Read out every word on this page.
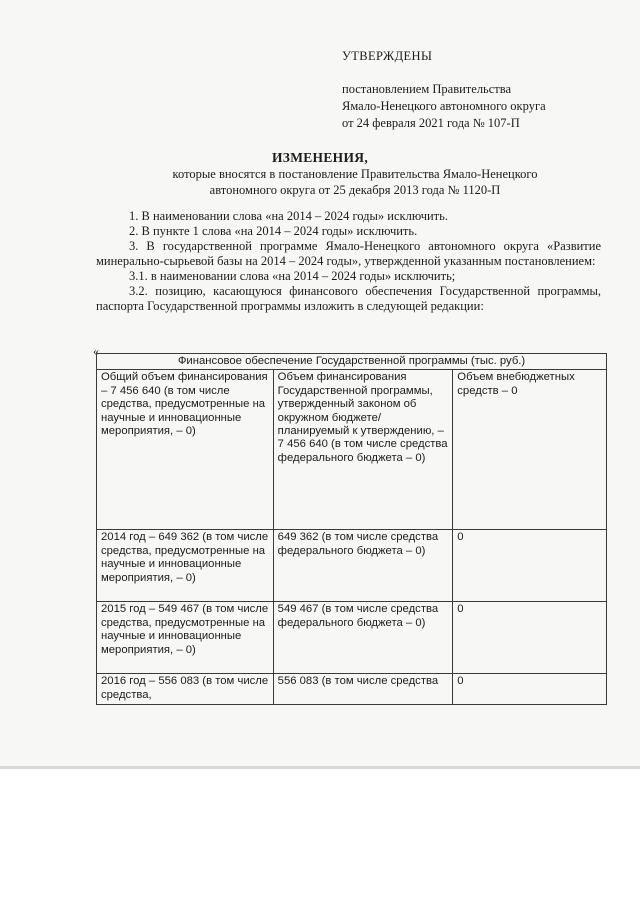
УТВЕРЖДЕНЫ
постановлением Правительства
Ямало-Ненецкого автономного округа
от 24 февраля 2021 года № 107-П
ИЗМЕНЕНИЯ,
которые вносятся в постановление Правительства Ямало-Ненецкого
автономного округа от 25 декабря 2013 года № 1120-П

1. В наименовании слова «на 2014 – 2024 годы» исключить.

2. В пункте 1 слова «на 2014 – 2024 годы» исключить.

3. В государственной программе Ямало-Ненецкого автономного округа «Развитие минерально-сырьевой базы на 2014 – 2024 годы», утвержденной указанным постановлением:

3.1. в наименовании слова «на 2014 – 2024 годы» исключить;

3.2. позицию, касающуюся финансового обеспечения Государственной программы, паспорта Государственной программы изложить в следующей редакции:

«
Финансовое обеспечение Государственной программы (тыс. руб.)		
Общий объем финансирования – 7 456 640 (в том числе средства, предусмотренные на научные и инновационные мероприятия, – 0)	Объем финансирования Государственной программы, утвержденный законом об окружном бюджете/планируемый к утверждению, – 7 456 640 (в том числе средства федерального бюджета – 0)	Объем внебюджетных средств – 0
2014 год – 649 362 (в том числе средства, предусмотренные на научные и инновационные мероприятия, – 0)	649 362 (в том числе средства федерального бюджета – 0)	0
2015 год – 549 467 (в том числе средства, предусмотренные на научные и инновационные мероприятия, – 0)	549 467 (в том числе средства федерального бюджета – 0)	0
2016 год – 556 083 (в том числе средства,	556 083 (в том числе средства	0
